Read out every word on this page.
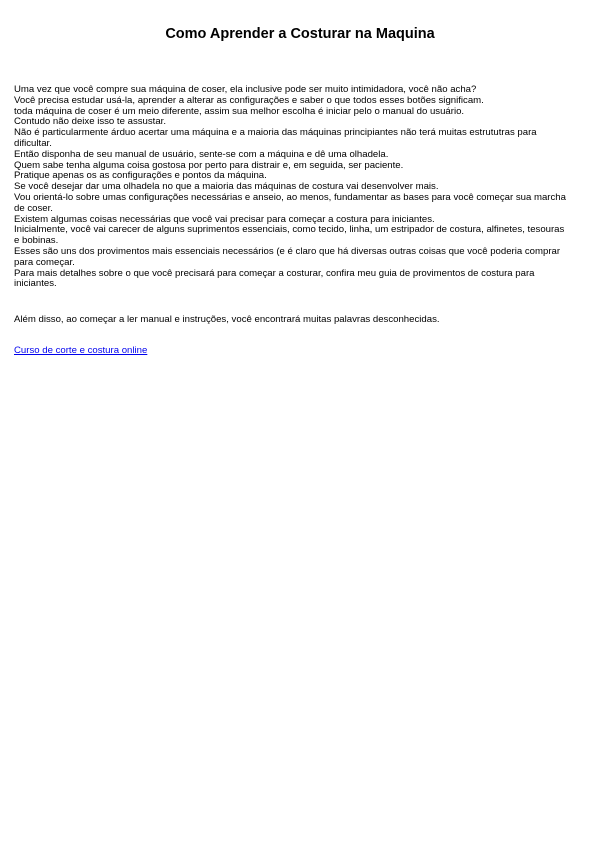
Como Aprender a Costurar na Maquina
Uma vez que você compre sua máquina de coser, ela inclusive pode ser muito intimidadora, você não acha?
Você precisa estudar usá-la, aprender a alterar as configurações e saber o que todos esses botões significam.
toda máquina de coser é um meio diferente, assim sua melhor escolha é iniciar pelo o manual do usuário.
Contudo não deixe isso te assustar.
Não é particularmente árduo acertar uma máquina e a maioria das máquinas principiantes não terá muitas estrututras para dificultar.
Então disponha de seu manual de usuário, sente-se com a máquina e dê uma olhadela.
Quem sabe tenha alguma coisa gostosa por perto para distrair e, em seguida, ser paciente.
Pratique apenas os as configurações e pontos da máquina.
Se você desejar dar uma olhadela no que a maioria das máquinas de costura vai desenvolver mais.
Vou orientá-lo sobre umas configurações necessárias e anseio, ao menos, fundamentar as bases para você começar sua marcha de coser.
Existem algumas coisas necessárias que você vai precisar para começar a costura para iniciantes.
Inicialmente, você vai carecer de alguns suprimentos essenciais, como tecido, linha, um estripador de costura, alfinetes, tesouras e bobinas.
Esses são uns dos provimentos mais essenciais necessários (e é claro que há diversas outras coisas que você poderia comprar para começar.
Para mais detalhes sobre o que você precisará para começar a costurar, confira meu guia de provimentos de costura para iniciantes.

Além disso, ao começar a ler manual e instruções, você encontrará muitas palavras desconhecidas.

Curso de corte e costura online
